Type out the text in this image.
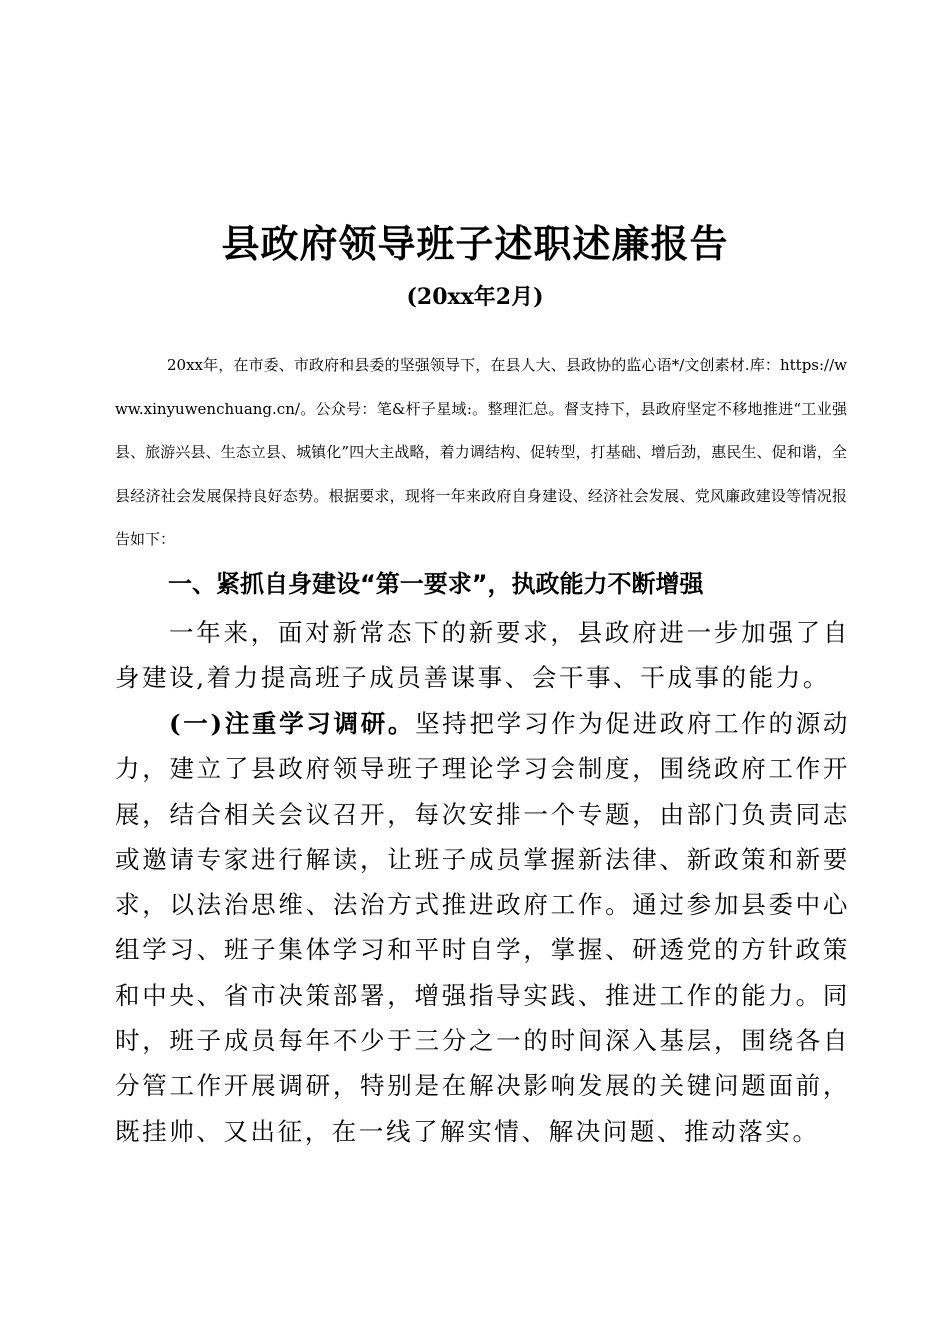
县政府领导班子述职述廉报告
(20xx年2月)

20xx年，在市委、市政府和县委的坚强领导下，在县人大、县政协的监心语*/文创素材.库：https://www.xinyuwenchuang.cn/。公众号：笔&杆子星域:。整理汇总。督支持下，县政府坚定不移地推进“工业强县、旅游兴县、生态立县、城镇化”四大主战略，着力调结构、促转型，打基础、增后劲，惠民生、促和谐，全县经济社会发展保持良好态势。根据要求，现将一年来政府自身建设、经济社会发展、党风廉政建设等情况报告如下：

一、紧抓自身建设“第一要求”，执政能力不断增强

一年来，面对新常态下的新要求，县政府进一步加强了自身建设,着力提高班子成员善谋事、会干事、干成事的能力。

(一)注重学习调研。坚持把学习作为促进政府工作的源动力，建立了县政府领导班子理论学习会制度，围绕政府工作开展，结合相关会议召开，每次安排一个专题，由部门负责同志或邀请专家进行解读，让班子成员掌握新法律、新政策和新要求，以法治思维、法治方式推进政府工作。通过参加县委中心组学习、班子集体学习和平时自学，掌握、研透党的方针政策和中央、省市决策部署，增强指导实践、推进工作的能力。同时，班子成员每年不少于三分之一的时间深入基层，围绕各自分管工作开展调研，特别是在解决影响发展的关键问题面前，既挂帅、又出征，在一线了解实情、解决问题、推动落实。
